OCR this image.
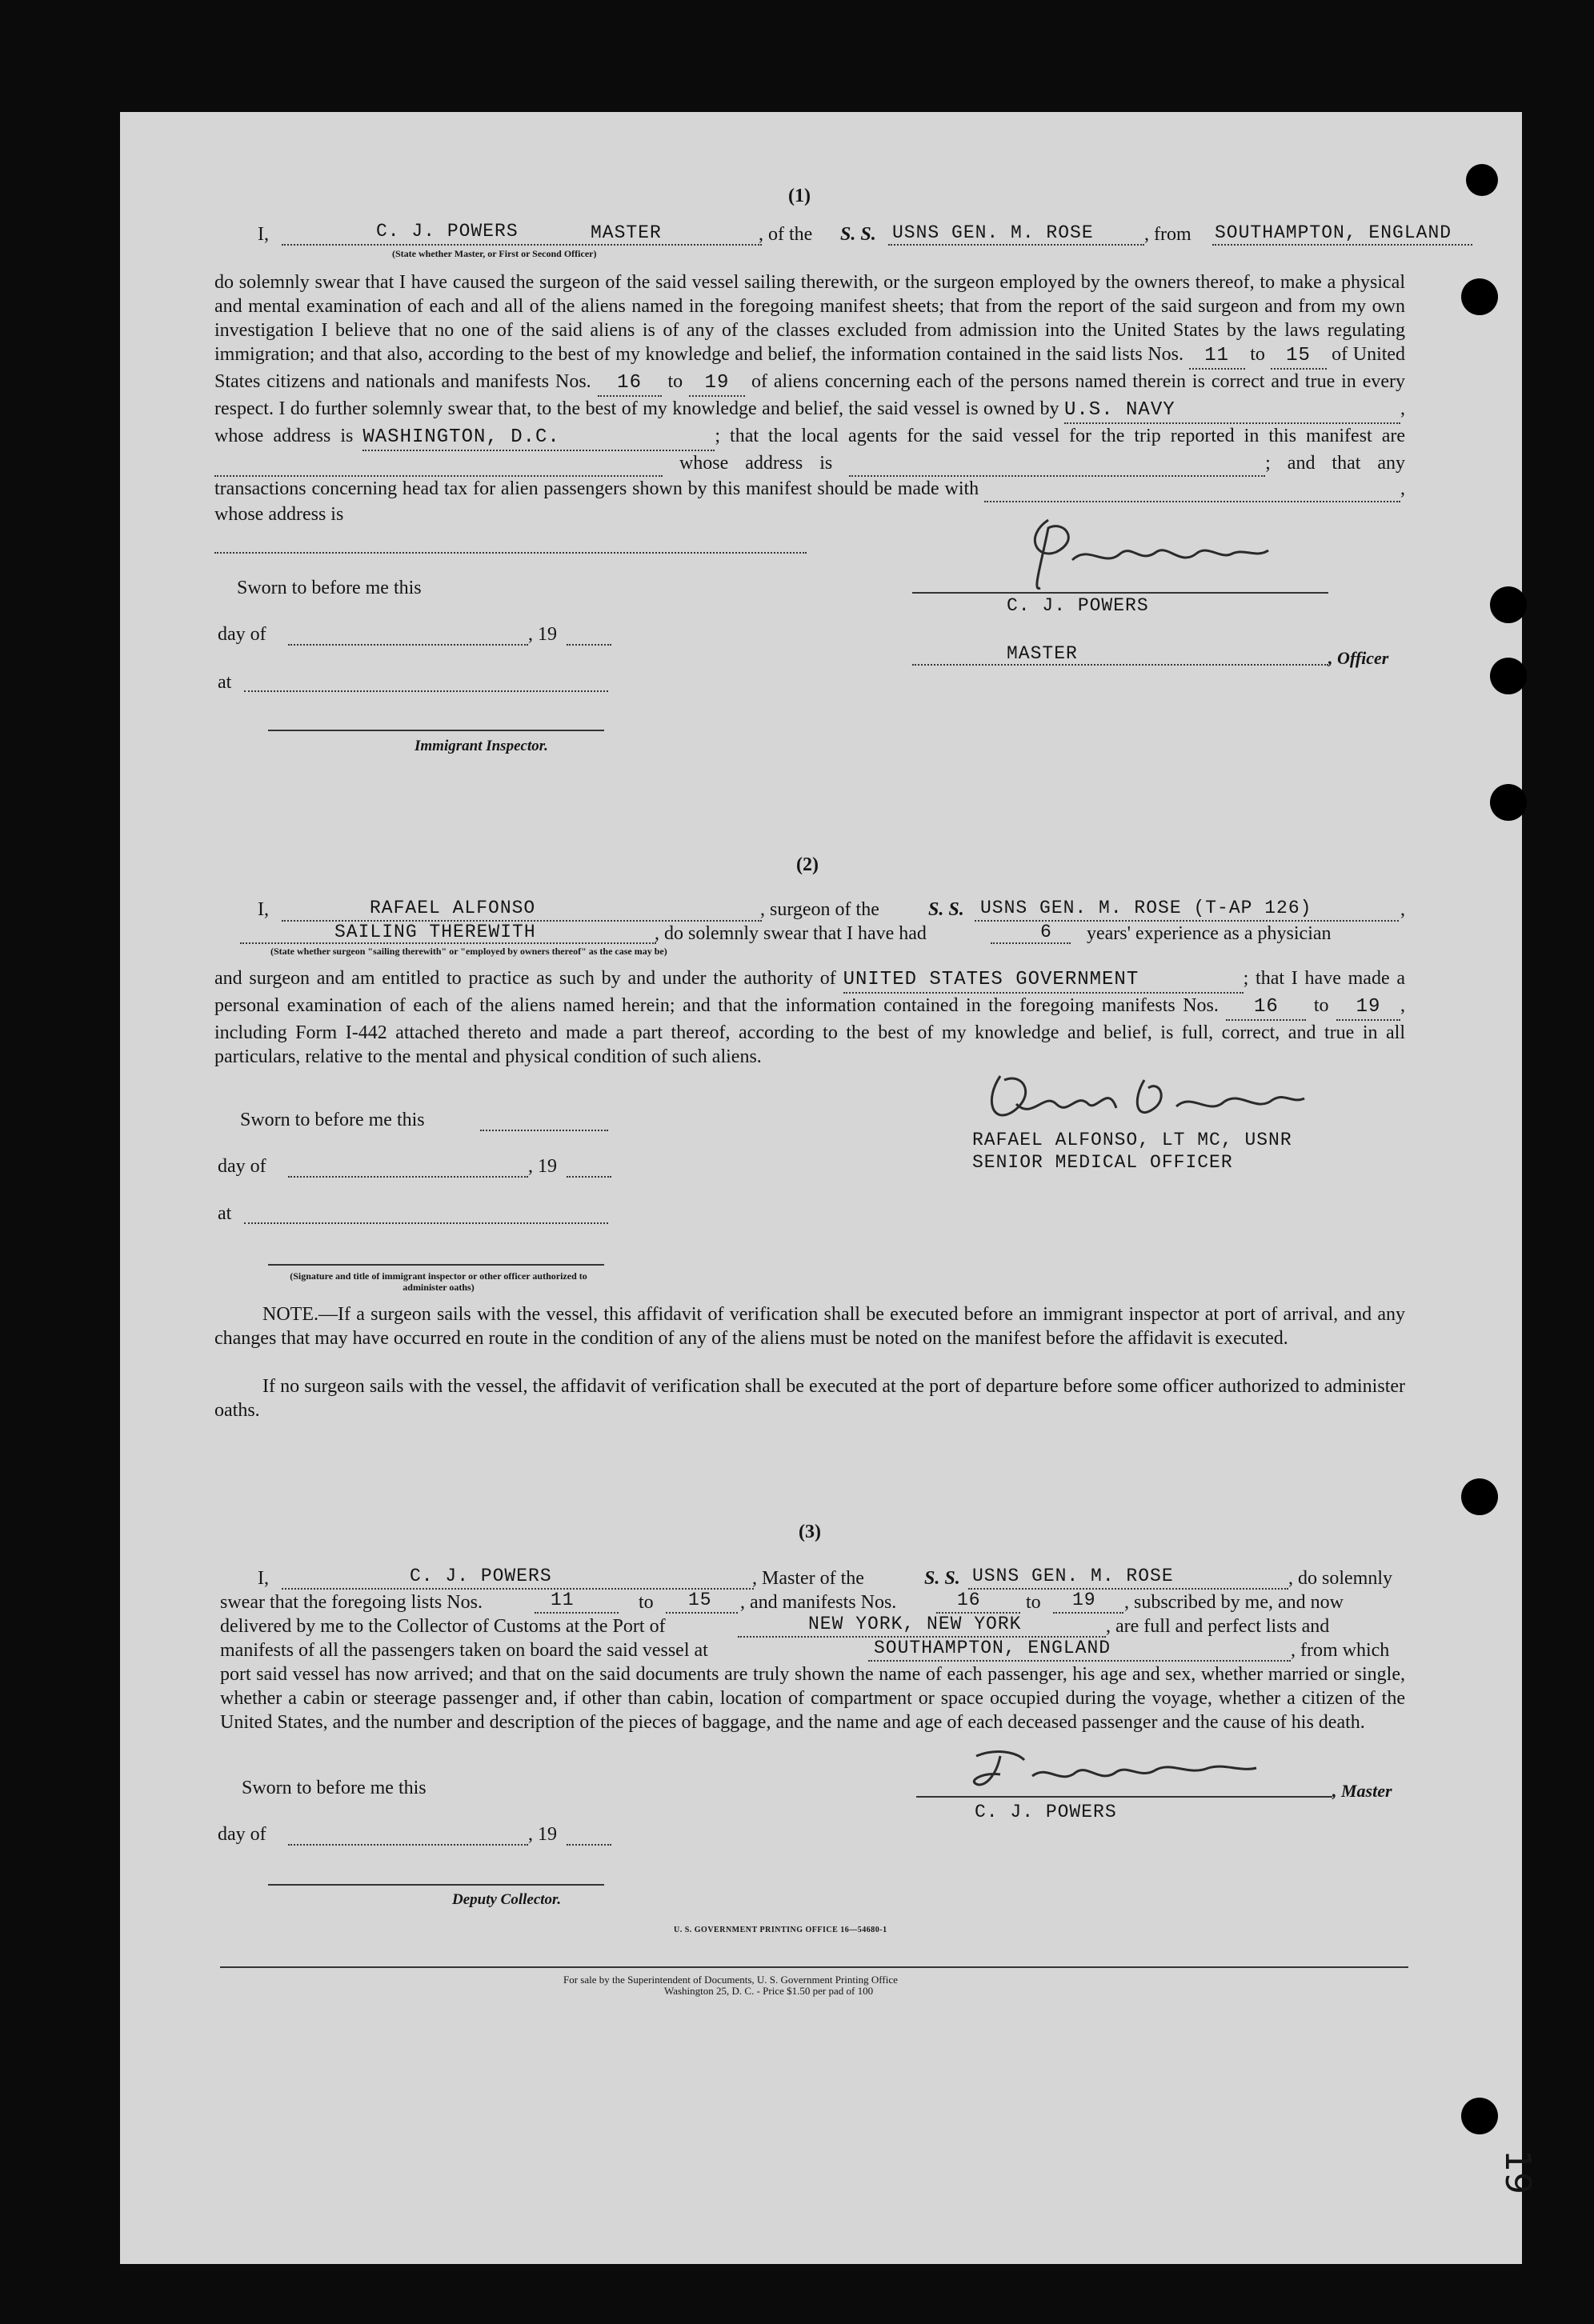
(1)
I,	C. J. POWERS	MASTER	, of the S. S. USNS GEN. M. ROSE	, from SOUTHAMPTON, ENGLAND
(State whether Master, or First or Second Officer)
do solemnly swear that I have caused the surgeon of the said vessel sailing therewith, or the surgeon employed by the owners thereof, to make a physical and mental examination of each and all of the aliens named in the foregoing manifest sheets; that from the report of the said surgeon and from my own investigation I believe that no one of the said aliens is of any of the classes excluded from admission into the United States by the laws regulating immigration; and that also, according to the best of my knowledge and belief, the information contained in the said lists Nos. 11 to 15 of United States citizens and nationals and manifests Nos. 16 to 19 of aliens concerning each of the persons named therein is correct and true in every respect. I do further solemnly swear that, to the best of my knowledge and belief, the said vessel is owned by U.S. NAVY	, whose address is WASHINGTON, D.C.	; that the local agents for the said vessel for the trip reported in this manifest are   whose address is	; and that any transactions concerning head tax for alien passengers shown by this manifest should be made with	, whose address is
Sworn to before me this
day of	, 19
at
Immigrant Inspector.
C. J. POWERS
MASTER	, Officer
(2)
I,	RAFAEL ALFONSO	, surgeon of the	S. S. USNS GEN. M. ROSE (T-AP 126)	,
SAILING THEREWITH	, do solemnly swear that I have had	6 years' experience as a physician
(State whether surgeon "sailing therewith" or "employed by owners thereof" as the case may be)
and surgeon and am entitled to practice as such by and under the authority of UNITED STATES GOVERNMENT	; that I have made a personal examination of each of the aliens named herein; and that the information contained in the foregoing manifests Nos. 16 to 19 , including Form I-442 attached thereto and made a part thereof, according to the best of my knowledge and belief, is full, correct, and true in all particulars, relative to the mental and physical condition of such aliens.
Sworn to before me this
day of	, 19
at
(Signature and title of immigrant inspector or other officer authorized to administer oaths)
RAFAEL ALFONSO, LT MC, USNR
SENIOR MEDICAL OFFICER
NOTE.—If a surgeon sails with the vessel, this affidavit of verification shall be executed before an immigrant inspector at port of arrival, and any changes that may have occurred en route in the condition of any of the aliens must be noted on the manifest before the affidavit is executed.
If no surgeon sails with the vessel, the affidavit of verification shall be executed at the port of departure before some officer authorized to administer oaths.
(3)
I,	C. J. POWERS	, Master of the	S. S. USNS GEN. M. ROSE	, do solemnly
swear that the foregoing lists Nos.	11	to 15 , and manifests Nos.	16 to 19 , subscribed by me, and now
delivered by me to the Collector of Customs at the Port of	NEW YORK, NEW YORK	, are full and perfect lists and
manifests of all the passengers taken on board the said vessel at	SOUTHAMPTON, ENGLAND	, from which
port said vessel has now arrived; and that on the said documents are truly shown the name of each passenger, his age and sex, whether married or single, whether a cabin or steerage passenger and, if other than cabin, location of compartment or space occupied during the voyage, whether a citizen of the United States, and the number and description of the pieces of baggage, and the name and age of each deceased passenger and the cause of his death.
Sworn to before me this
day of	, 19
Deputy Collector.
, Master
C. J. POWERS
U. S. GOVERNMENT PRINTING OFFICE 16—54680-1
For sale by the Superintendent of Documents, U. S. Government Printing Office
Washington 25, D. C. - Price $1.50 per pad of 100
19
